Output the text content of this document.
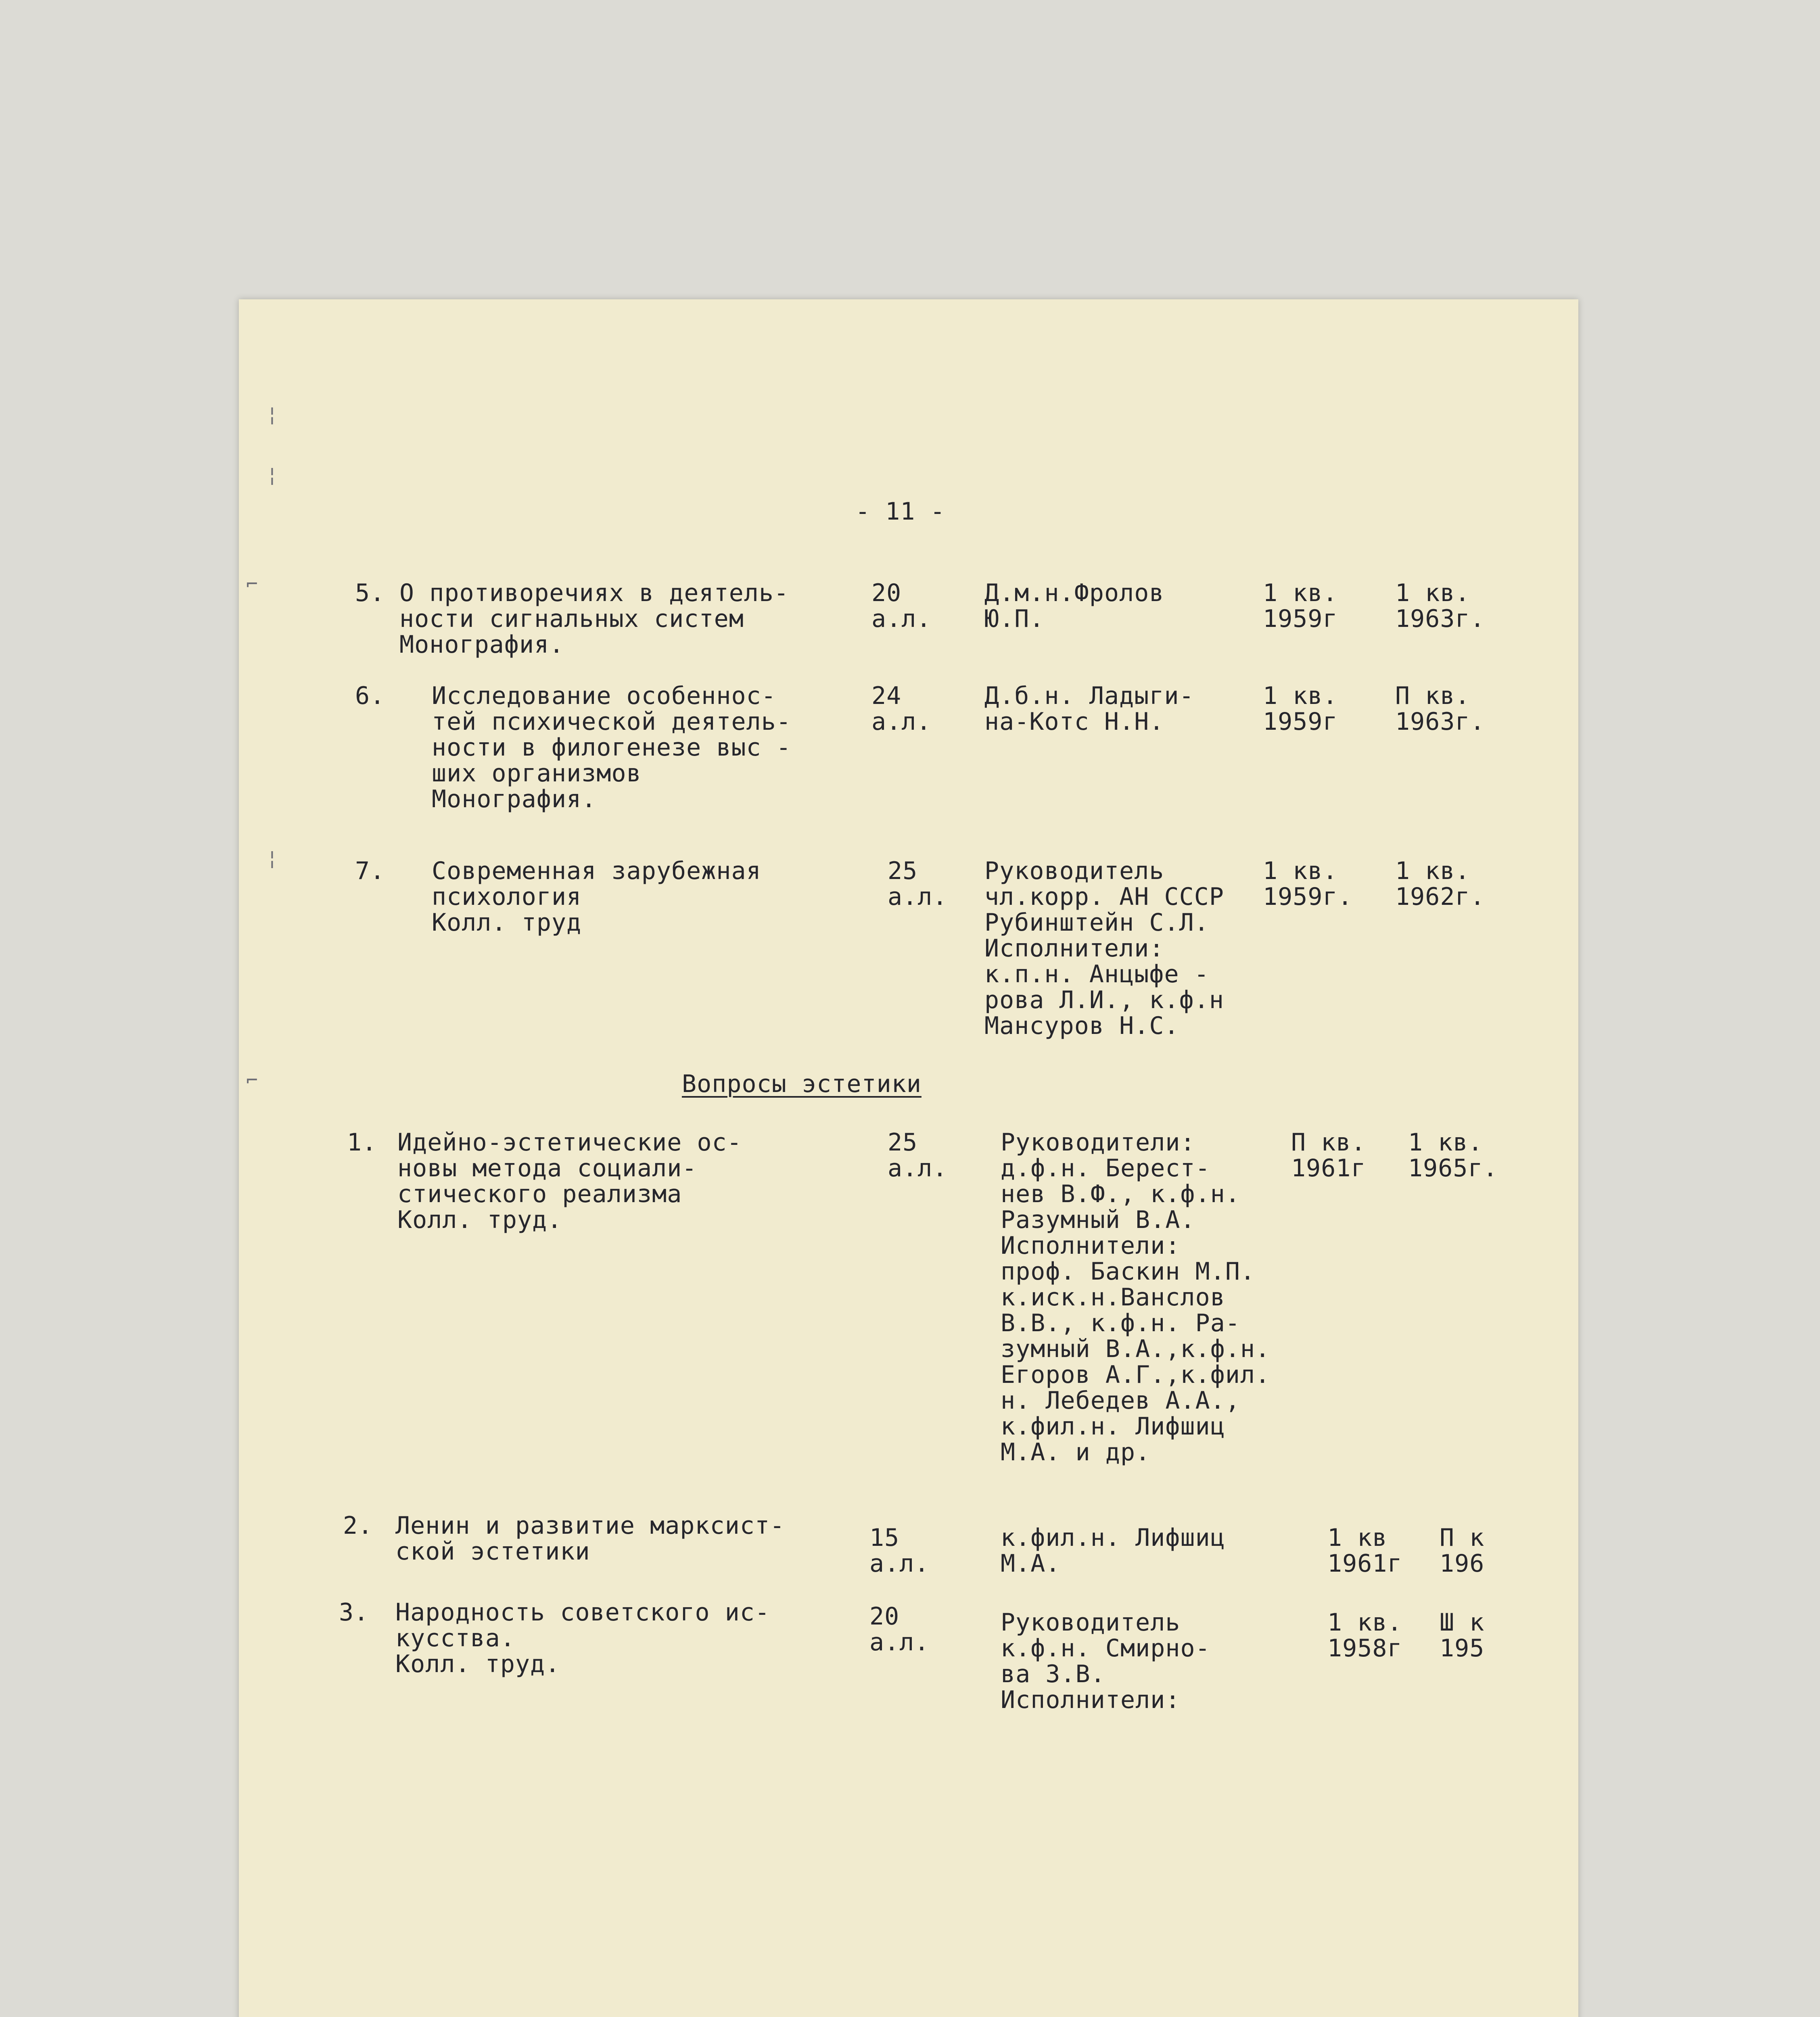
- 11 -
5. О противоречиях в деятель-
ности сигнальных систем
Монография.
20
а.л.
Д.м.н.Фролов
Ю.П.
1 кв.
1959г
1 кв.
1963г.
6. Исследование особеннос-
тей психической деятель-
ности в филогенезе выс -
ших организмов
Монография.
24
а.л.
Д.б.н. Ладыги-
на-Котс Н.Н.
1 кв.
1959г
П кв.
1963г.
7. Современная зарубежная
психология
Колл. труд
25
а.л.
Руководитель
чл.корр. АН СССР
Рубинштейн С.Л.
Исполнители:
к.п.н. Анцыфе -
рова Л.И., к.ф.н
Мансуров Н.С.
1 кв.
1959г.
1 кв.
1962г.
Вопросы эстетики
1. Идейно-эстетические ос-
новы метода социали-
стического реализма
Колл. труд.
25
а.л.
Руководители:
д.ф.н. Берест-
нев В.Ф., к.ф.н.
Разумный В.А.
Исполнители:
проф. Баскин М.П.
к.иск.н.Ванслов
В.В., к.ф.н. Ра-
зумный В.А.,к.ф.н.
Егоров А.Г.,к.фил.
н. Лебедев А.А.,
к.фил.н. Лифшиц
М.А. и др.
П кв.
1961г
1 кв.
1965г.
2. Ленин и развитие марксист-
ской эстетики	15
а.л.
к.фил.н. Лифшиц
М.А.
1 кв
1961г
П к
196
3. Народность советского ис-
кусства.
Колл. труд.
20
а.л.
Руководитель
к.ф.н. Смирно-
ва З.В.
Исполнители:
1 кв.
1958г
Ш к
195
¦
¦
⌐
⌐
¦
